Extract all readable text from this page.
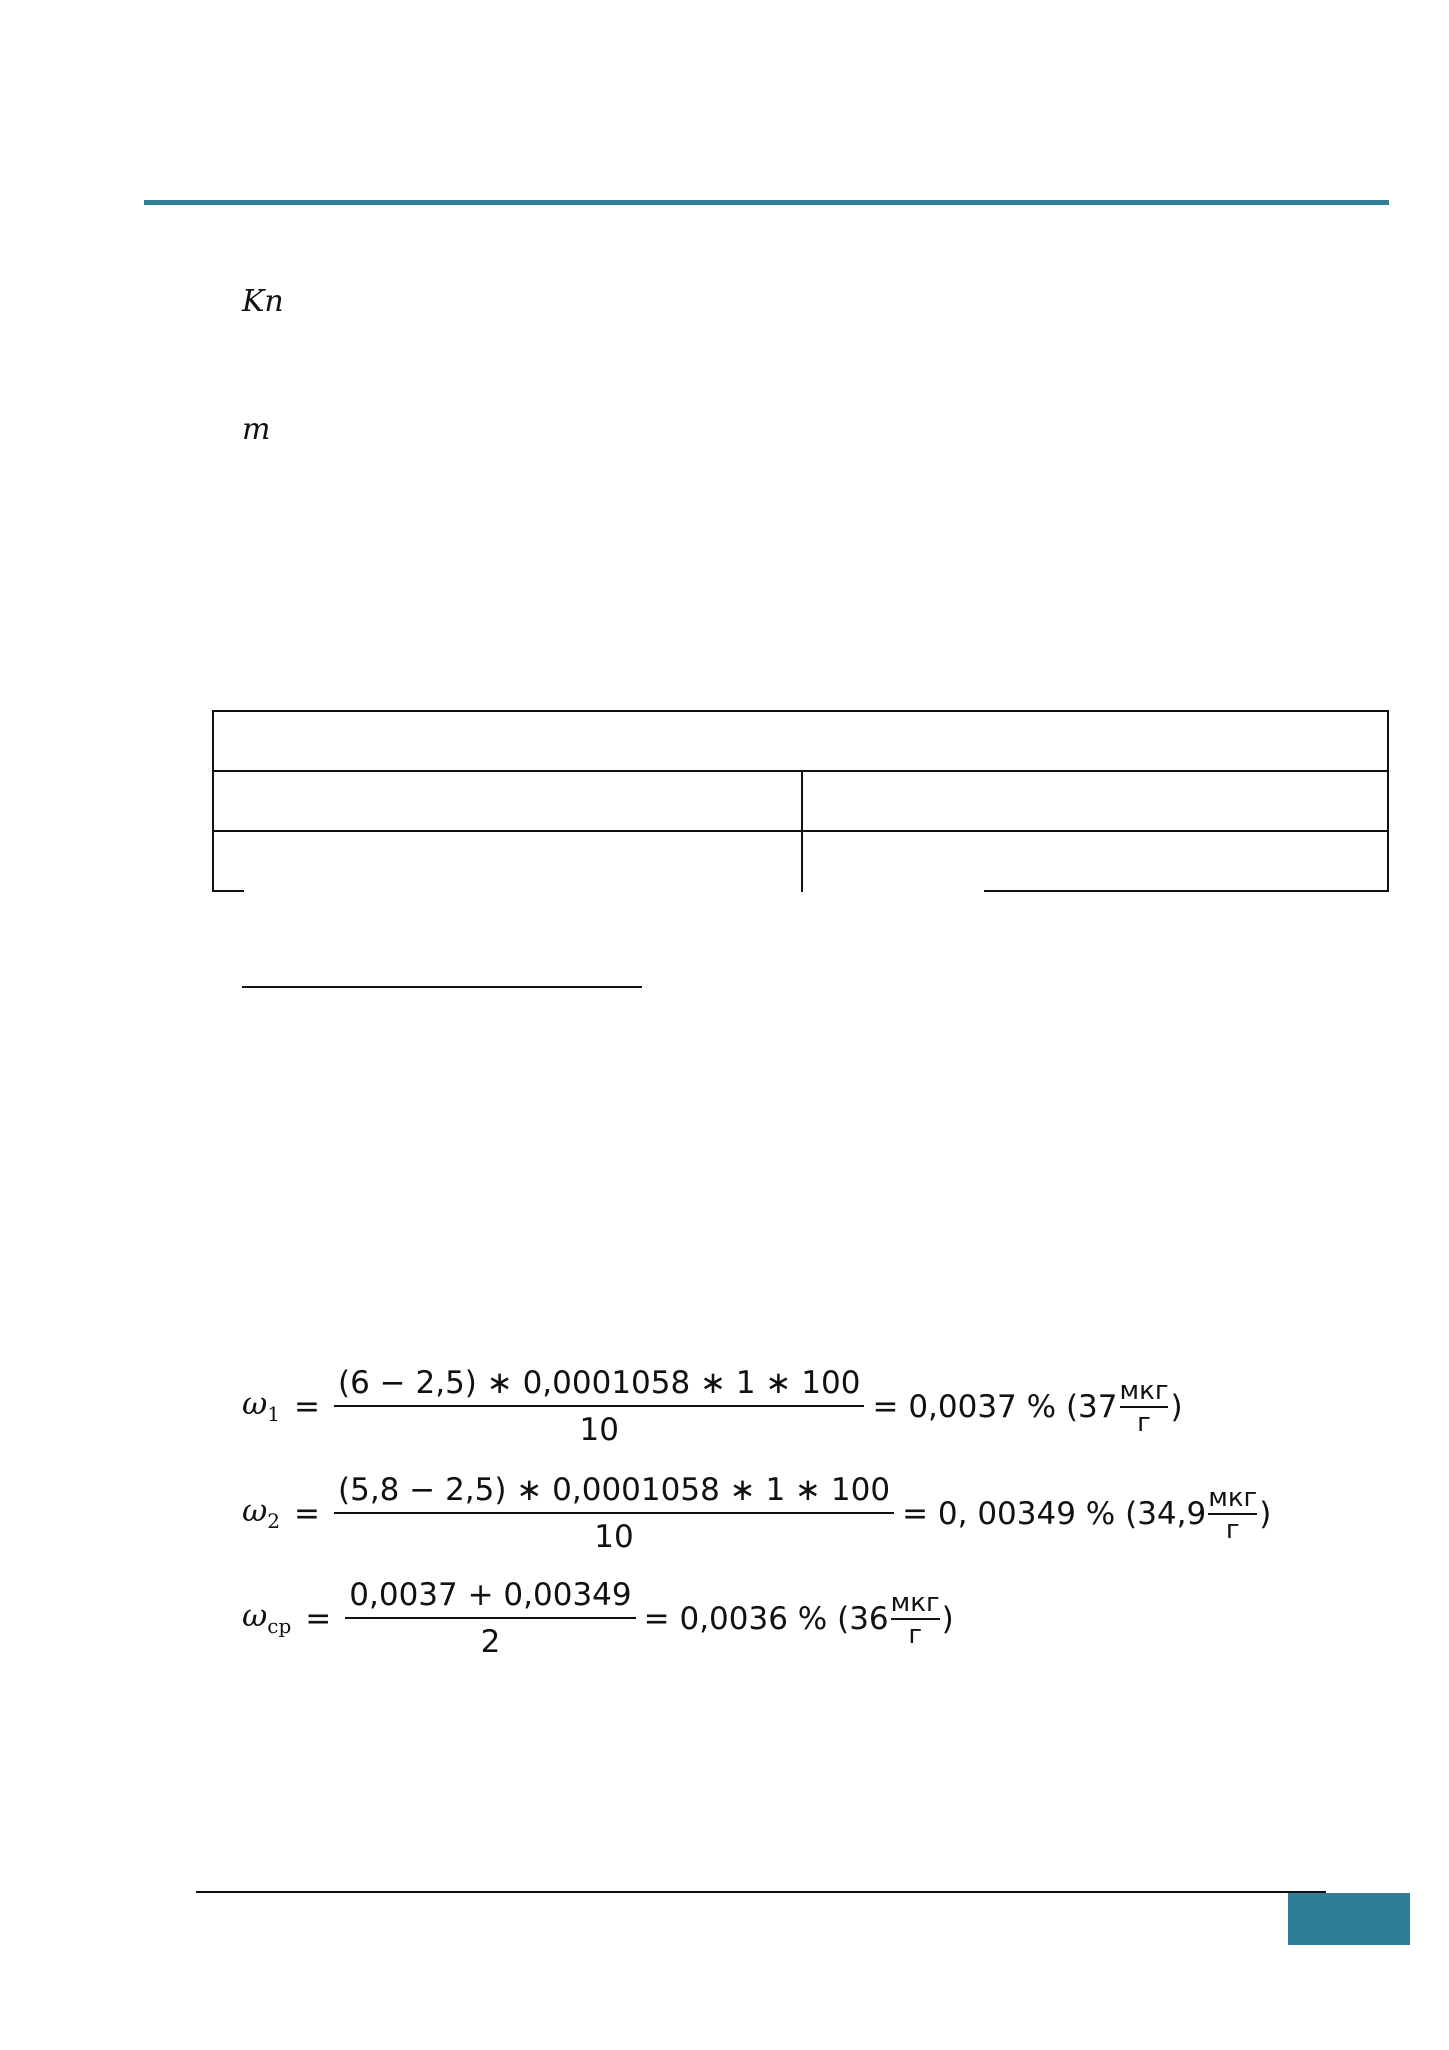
Kn
m
$\omega_1 = \frac{(6 - 2,5) ∗ 0,0001058 ∗ 1 ∗ 100}{10} = 0,0037$ % (37 мкг
г )
$\omega_2 = \frac{(5,8 - 2,5) ∗ 0,0001058 ∗ 1 ∗ 100}{10} = 0$, 00349 % (34,9 мкг
г )
$\omega_{ср} = \frac{0,0037 + 0,00349}{2} = 0,0036$ % (36 мкг
г )
